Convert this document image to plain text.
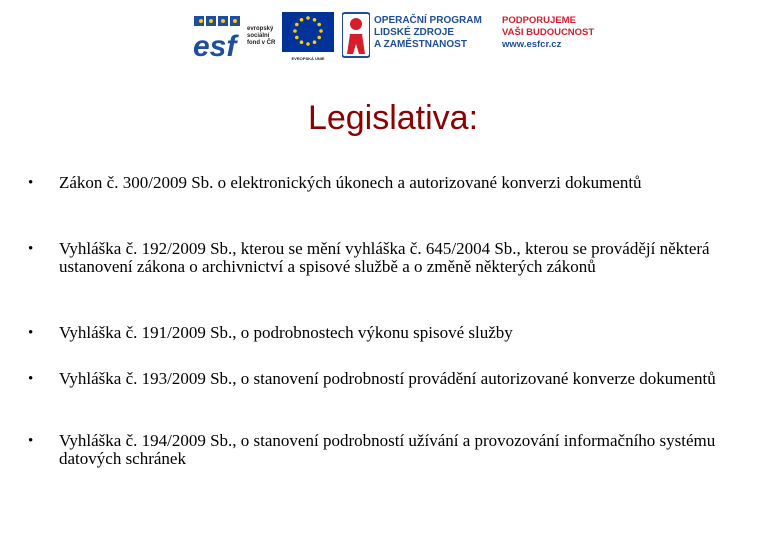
esf
evropský
sociální
fond v ČR
EVROPSKÁ UNIE
OPERAČNÍ PROGRAM
LIDSKÉ ZDROJE
A ZAMĚSTNANOST
PODPORUJEME
VAŠI BUDOUCNOST
www.esfcr.cz
Legislativa:
• Zákon č. 300/2009 Sb. o elektronických úkonech a autorizované konverzi dokumentů
• Vyhláška č. 192/2009 Sb., kterou se mění vyhláška č. 645/2004 Sb., kterou se provádějí některá ustanovení zákona o archivnictví a spisové službě a o změně některých zákonů
• Vyhláška č. 191/2009 Sb., o podrobnostech výkonu spisové služby
• Vyhláška č. 193/2009 Sb., o stanovení podrobností provádění autorizované konverze dokumentů
• Vyhláška č. 194/2009 Sb., o stanovení podrobností užívání a provozování informačního systému datových schránek
